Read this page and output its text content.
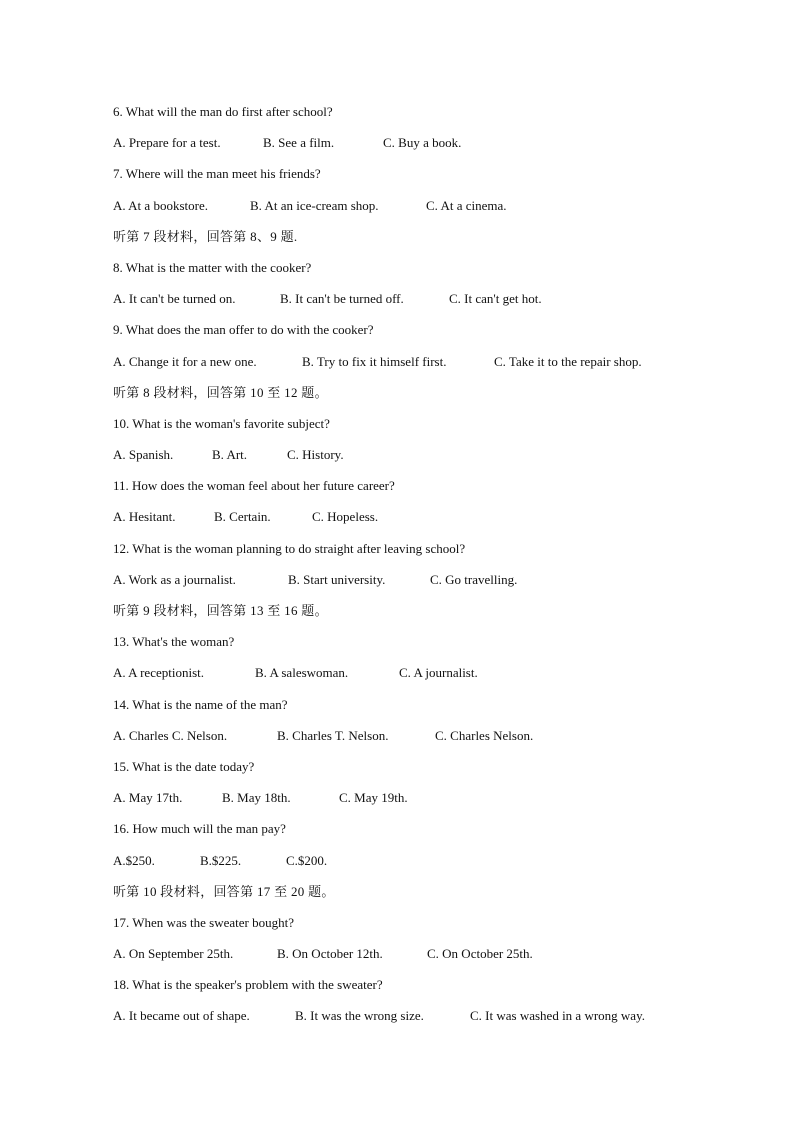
6. What will the man do first after school?
A. Prepare for a test.	B. See a film.	C. Buy a book.
7. Where will the man meet his friends?
A. At a bookstore.	B. At an ice-cream shop.	C. At a cinema.
听第 7 段材料，回答第 8、9 题.
8. What is the matter with the cooker?
A. It can't be turned on.	B. It can't be turned off.	C. It can't get hot.
9. What does the man offer to do with the cooker?
A. Change it for a new one.	B. Try to fix it himself first.	C. Take it to the repair shop.
听第 8 段材料，回答第 10 至 12 题。
10. What is the woman's favorite subject?
A. Spanish.	B. Art.	C. History.
11. How does the woman feel about her future career?
A. Hesitant.	B. Certain.	C. Hopeless.
12. What is the woman planning to do straight after leaving school?
A. Work as a journalist.	B. Start university.	C. Go travelling.
听第 9 段材料，回答第 13 至 16 题。
13. What's the woman?
A. A receptionist.	B. A saleswoman.	C. A journalist.
14. What is the name of the man?
A. Charles C. Nelson.	B. Charles T. Nelson.	C. Charles Nelson.
15. What is the date today?
A. May 17th.	B. May 18th.	C. May 19th.
16. How much will the man pay?
A.$250.	B.$225.	C.$200.
听第 10 段材料，回答第 17 至 20 题。
17. When was the sweater bought?
A. On September 25th.	B. On October 12th.	C. On October 25th.
18. What is the speaker's problem with the sweater?
A. It became out of shape.	B. It was the wrong size.	C. It was washed in a wrong way.
